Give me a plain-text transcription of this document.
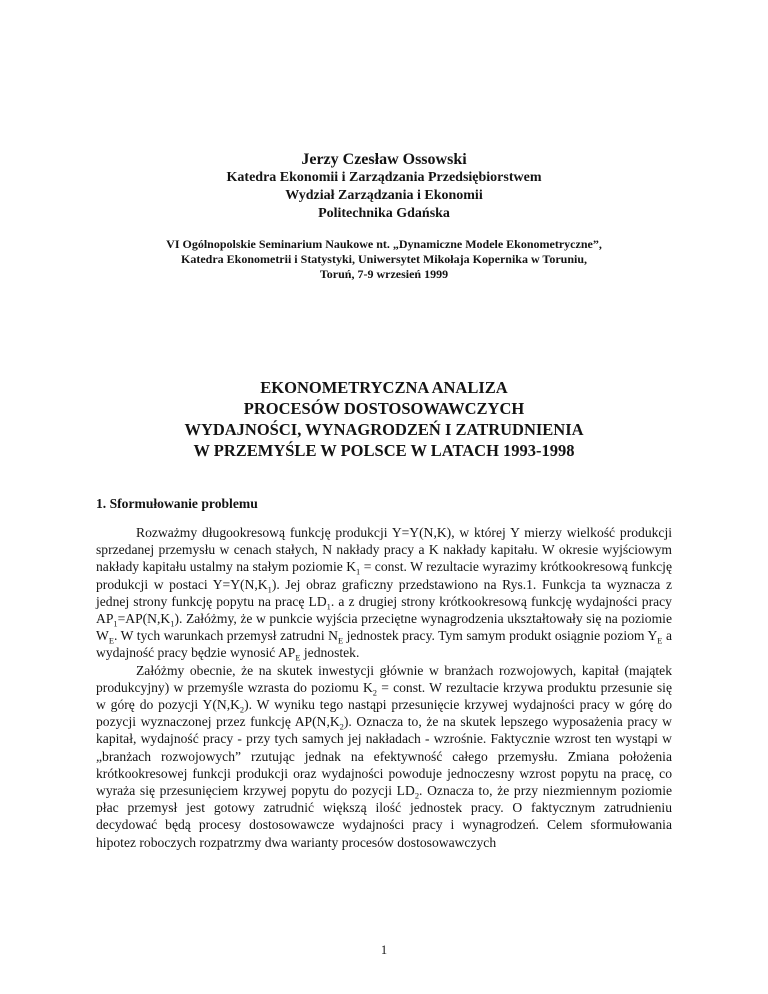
Jerzy Czesław Ossowski
Katedra Ekonomii i Zarządzania Przedsiębiorstwem
Wydział Zarządzania i Ekonomii
Politechnika Gdańska
VI Ogólnopolskie Seminarium Naukowe nt. „Dynamiczne Modele Ekonometryczne”,
Katedra Ekonometrii i Statystyki, Uniwersytet Mikołaja Kopernika w Toruniu,
Toruń, 7-9 wrzesień 1999
EKONOMETRYCZNA ANALIZA
PROCESÓW DOSTOSOWAWCZYCH
WYDAJNOŚCI, WYNAGRODZEŃ I ZATRUDNIENIA
W PRZEMYŚLE W POLSCE W LATACH 1993-1998
1. Sformułowanie problemu

Rozważmy długookresową funkcję produkcji Y=Y(N,K), w której Y mierzy wielkość produkcji sprzedanej przemysłu w cenach stałych, N nakłady pracy a K nakłady kapitału. W okresie wyjściowym nakłady kapitału ustalmy na stałym poziomie $K_1$ = const. W rezultacie wyrazimy krótkookresową funkcję produkcji w postaci $Y=Y(N,K_1)$. Jej obraz graficzny przedstawiono na Rys.1. Funkcja ta wyznacza z jednej strony funkcję popytu na pracę $LD_1$. a z drugiej strony krótkookresową funkcję wydajności pracy $AP_1=AP(N,K_1)$. Załóżmy, że w punkcie wyjścia przeciętne wynagrodzenia ukształtowały się na poziomie $W_E$. W tych warunkach przemysł zatrudni $N_E$ jednostek pracy. Tym samym produkt osiągnie poziom $Y_E$ a wydajność pracy będzie wynosić $AP_E$ jednostek.

Załóżmy obecnie, że na skutek inwestycji głównie w branżach rozwojowych, kapitał (majątek produkcyjny) w przemyśle wzrasta do poziomu $K_2$ = const. W rezultacie krzywa produktu przesunie się w górę do pozycji $Y(N,K_2)$. W wyniku tego nastąpi przesunięcie krzywej wydajności pracy w górę do pozycji wyznaczonej przez funkcję $AP(N,K_2)$. Oznacza to, że na skutek lepszego wyposażenia pracy w kapitał, wydajność pracy - przy tych samych jej nakładach - wzrośnie. Faktycznie wzrost ten wystąpi w „branżach rozwojowych” rzutując jednak na efektywność całego przemysłu. Zmiana położenia krótkookresowej funkcji produkcji oraz wydajności powoduje jednoczesny wzrost popytu na pracę, co wyraża się przesunięciem krzywej popytu do pozycji $LD_2$. Oznacza to, że przy niezmiennym poziomie płac przemysł jest gotowy zatrudnić większą ilość jednostek pracy. O faktycznym zatrudnieniu decydować będą procesy dostosowawcze wydajności pracy i wynagrodzeń. Celem sformułowania hipotez roboczych rozpatrzmy dwa warianty procesów dostosowawczych

1
